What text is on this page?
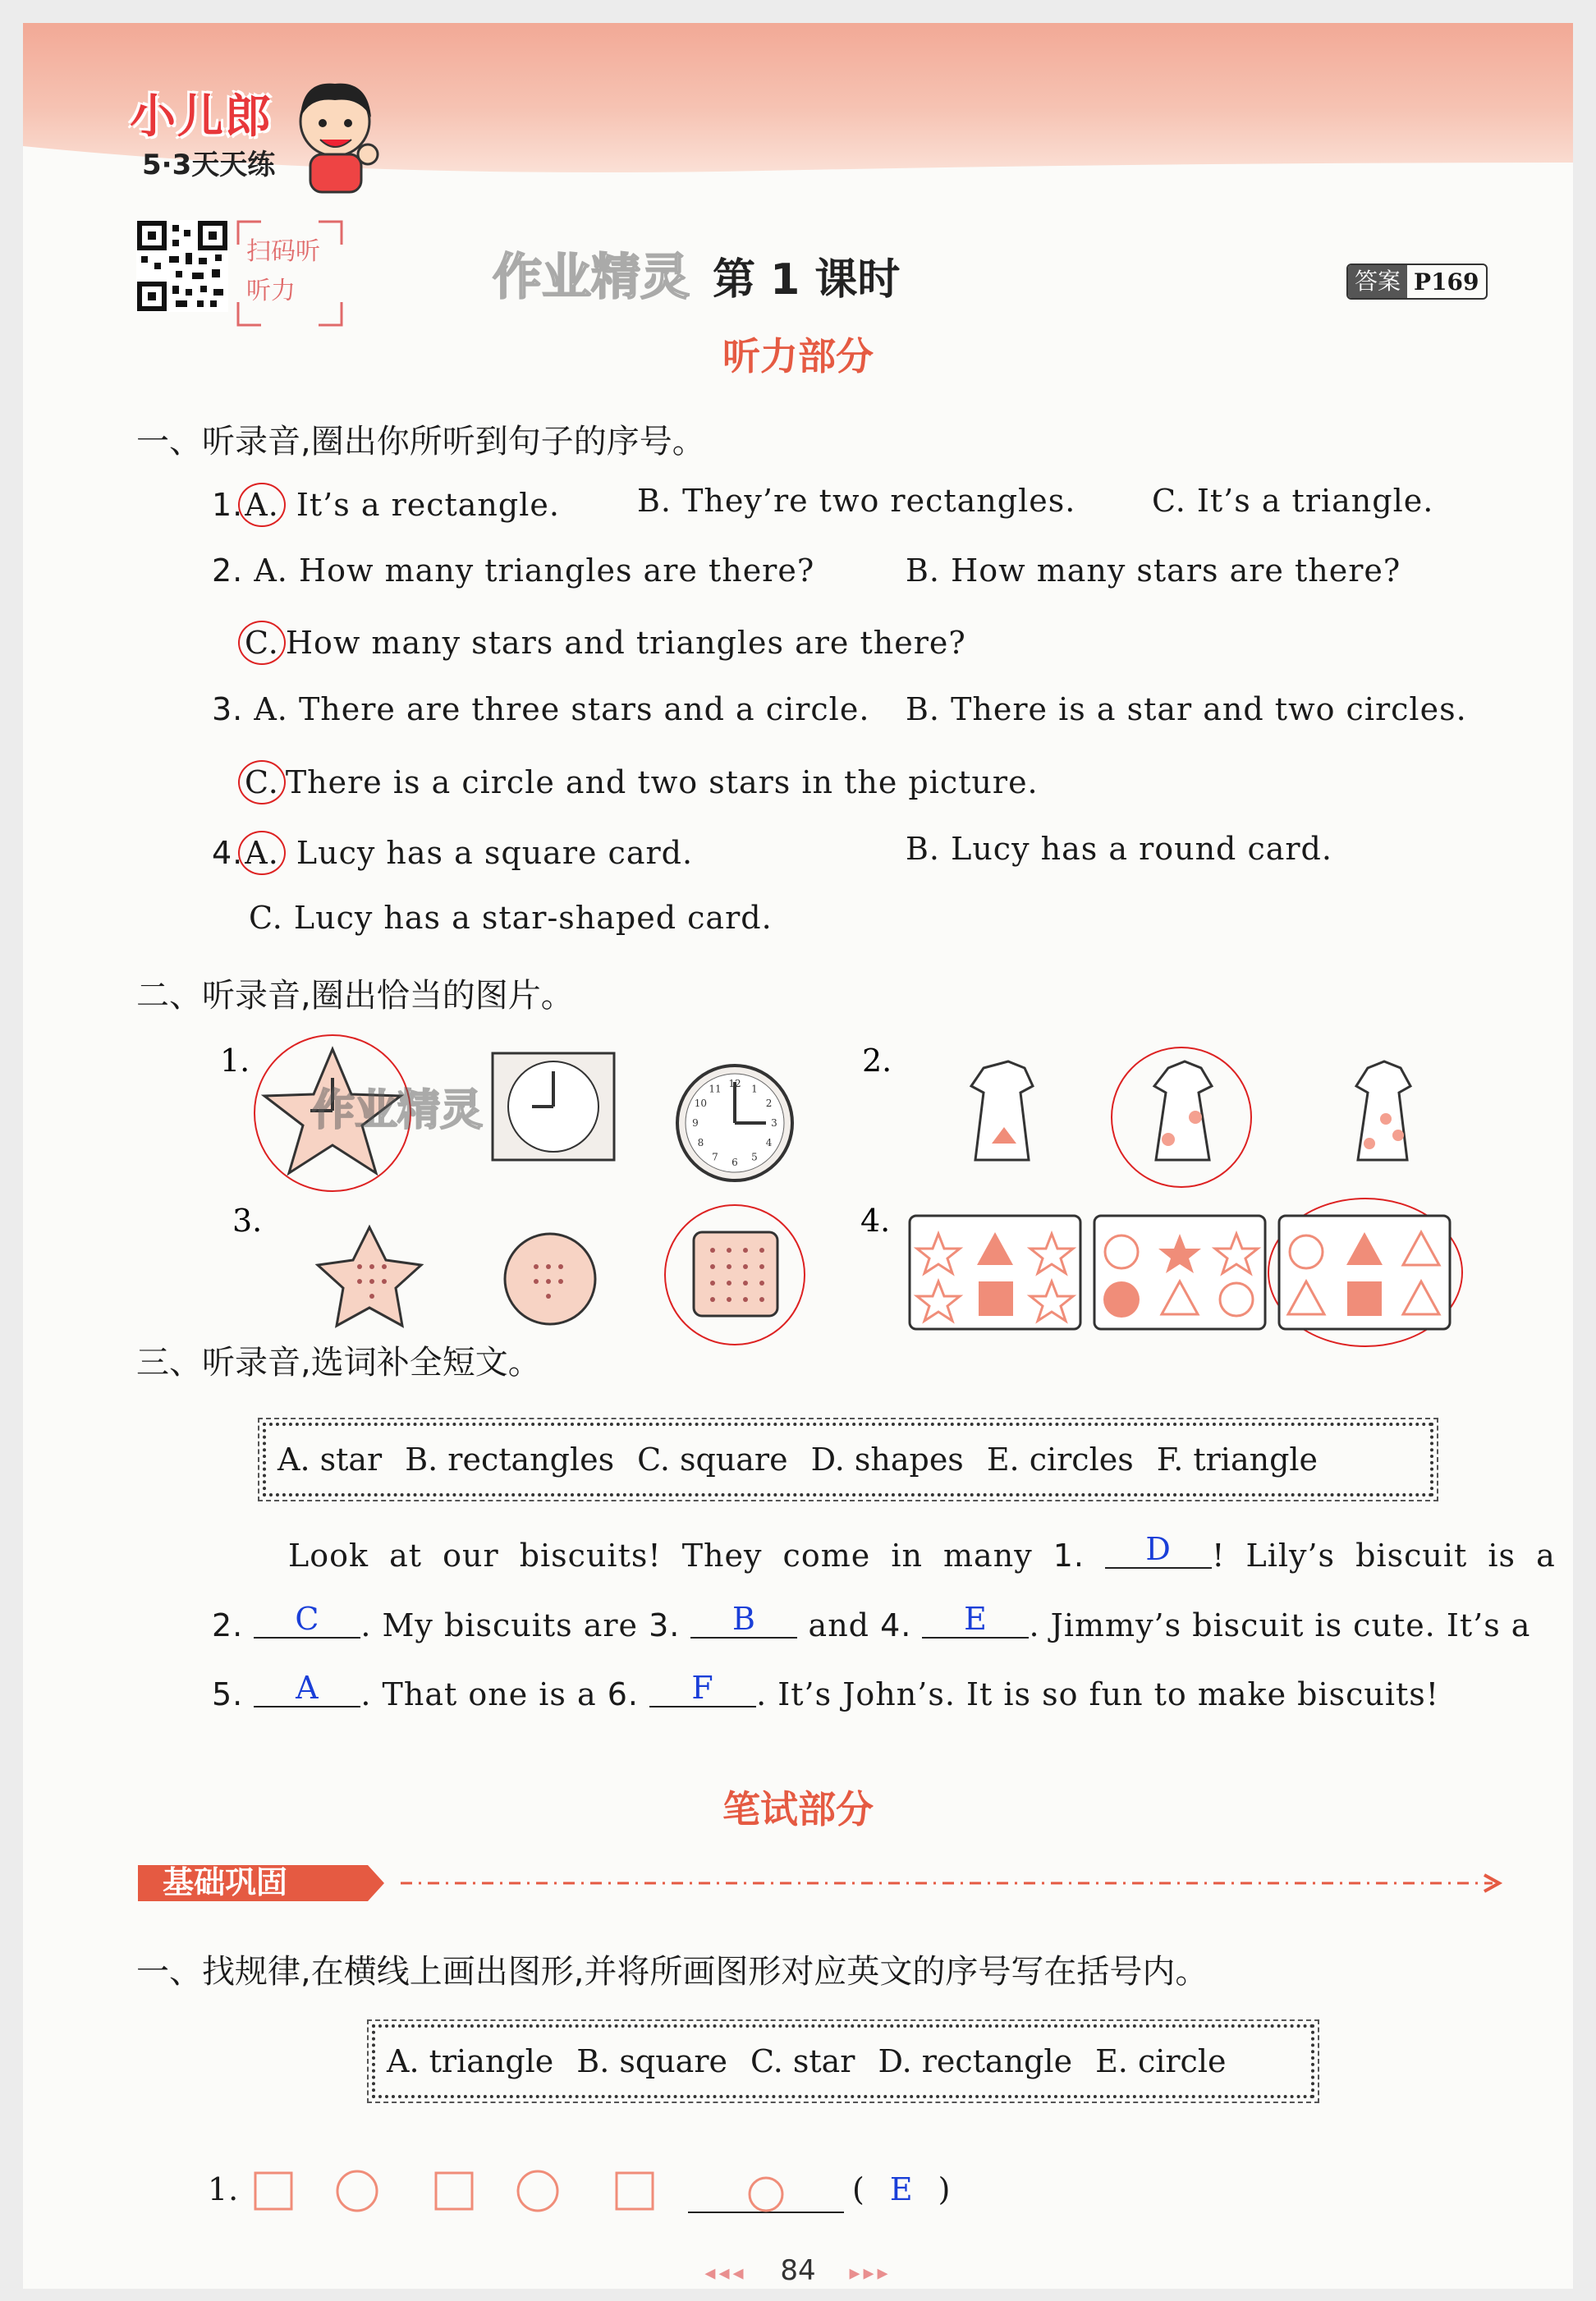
小儿郎
5·3天天练
扫码听听力	作业精灵 第 1 课时	答案 P169
听力部分
一、听录音,圈出你所听到句子的序号。
1.A. It’s a rectangle. B. They’re two rectangles. C. It’s a triangle.
2. A. How many triangles are there?	B. How many stars are there?
C. How many stars and triangles are there?
3. A. There are three stars and a circle. B. There is a star and two circles.
C. There is a circle and two stars in the picture.
4.A. Lucy has a square card.	B. Lucy has a round card.
C. Lucy has a star-shaped card.
二、听录音,圈出恰当的图片。
1.
12 1
2
3
4
5
6
7
8
9
10
11
2.
3.	4.
作业精灵
三、听录音,选词补全短文。
A. star B. rectangles C. square D. shapes E. circles F. triangle
Look at our biscuits! They come in many 1. D ! Lily’s biscuit is a
2. C . My biscuits are 3. B and 4. E . Jimmy’s biscuit is cute. It’s a
5. A . That one is a 6. F . It’s John’s. It is so fun to make biscuits!
笔试部分
基础巩固
一、找规律,在横线上画出图形,并将所画图形对应英文的序号写在括号内。
A. triangle B. square C. star D. rectangle E. circle
1.	( E )
◂◂◂ 84 ▸▸▸
